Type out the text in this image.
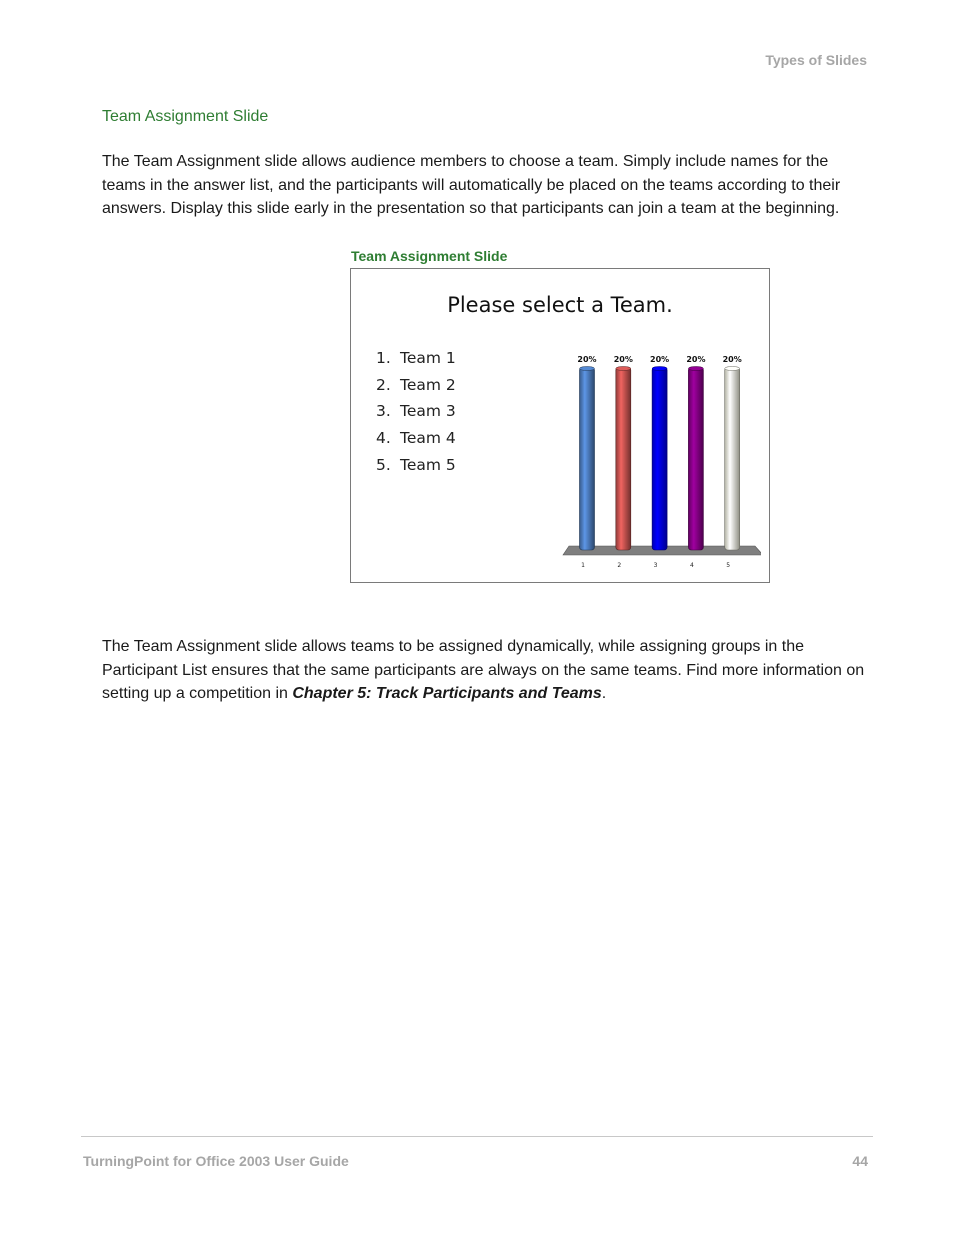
Types of Slides
Team Assignment Slide
The Team Assignment slide allows audience members to choose a team. Simply include names for the teams in the answer list, and the participants will automatically be placed on the teams according to their answers. Display this slide early in the presentation so that participants can join a team at the beginning.
Team Assignment Slide
Please select a Team.
1. Team 1
2. Team 2
3. Team 3
4. Team 4
5. Team 5
20%
1
20%
2
20%
3
20%
4
20%
5
The Team Assignment slide allows teams to be assigned dynamically, while assigning groups in the Participant List ensures that the same participants are always on the same teams. Find more information on setting up a competition in Chapter 5: Track Participants and Teams.
TurningPoint for Office 2003 User Guide	44
